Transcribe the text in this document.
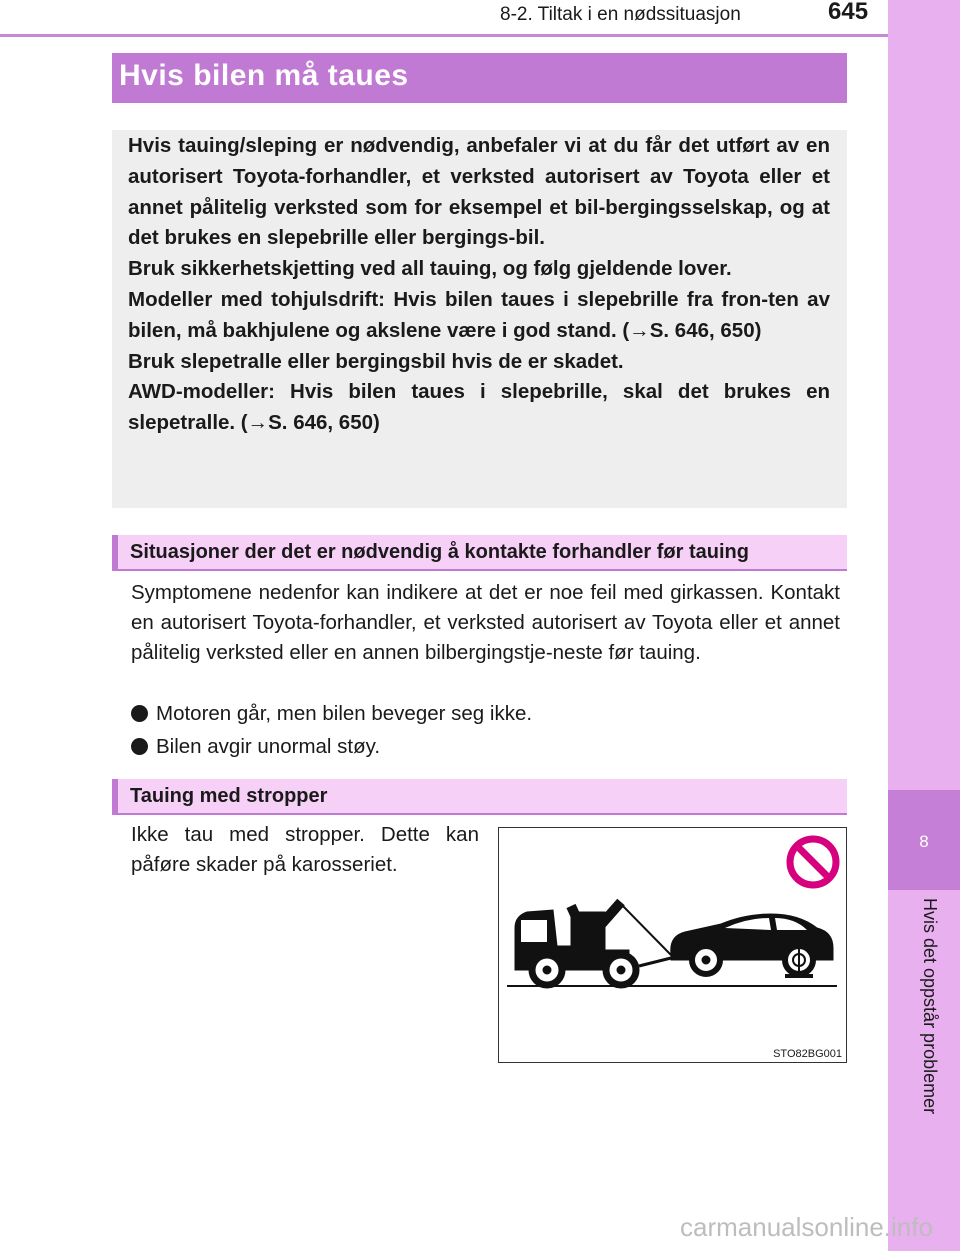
8-2. Tiltak i en nødssituasjon	645
8
Hvis det oppstår problemer
Hvis bilen må taues

Hvis tauing/sleping er nødvendig, anbefaler vi at du får det utført av en autorisert Toyota-forhandler, et verksted autorisert av Toyota eller et annet pålitelig verksted som for eksempel et bil-bergingsselskap, og at det brukes en slepebrille eller bergings-bil.

Bruk sikkerhetskjetting ved all tauing, og følg gjeldende lover.

Modeller med tohjulsdrift: Hvis bilen taues i slepebrille fra fron-ten av bilen, må bakhjulene og akslene være i god stand. (→S. 646, 650)

Bruk slepetralle eller bergingsbil hvis de er skadet.

AWD-modeller: Hvis bilen taues i slepebrille, skal det brukes en slepetralle. (→S. 646, 650)

Situasjoner der det er nødvendig å kontakte forhandler før tauing

Symptomene nedenfor kan indikere at det er noe feil med girkassen. Kontakt en autorisert Toyota-forhandler, et verksted autorisert av Toyota eller et annet pålitelig verksted eller en annen bilbergingstje-neste før tauing.

Motoren går, men bilen beveger seg ikke.
Bilen avgir unormal støy.
Tauing med stropper

Ikke tau med stropper. Dette kan påføre skader på karosseriet.

STO82BG001
carmanualsonline.info
